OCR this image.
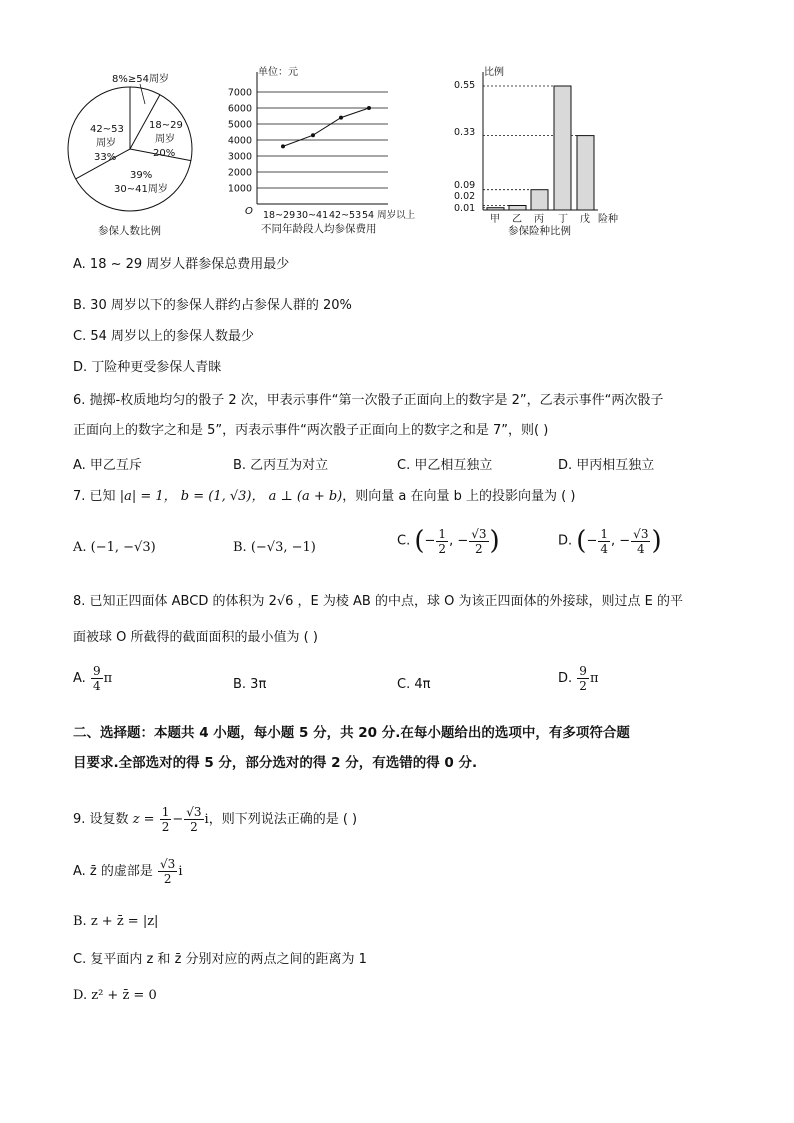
8%≥54周岁
18~29
周岁
20%
42~53
周岁
33%
39%
30~41周岁
参保人数比例
单位：元
7000
6000
5000
4000
3000
2000
1000
O 18~29 30~41 42~53 54 周岁以上
不同年龄段人均参保费用
比例
0.55
0.33
0.09
0.02
0.01
甲 乙 丙 丁 戊 险种
参保险种比例
A. 18 ~ 29 周岁人群参保总费用最少
B. 30 周岁以下的参保人群约占参保人群的 20%
C. 54 周岁以上的参保人数最少
D. 丁险种更受参保人青睐
6. 抛掷-枚质地均匀的骰子 2 次，甲表示事件“第一次骰子正面向上的数字是 2”，乙表示事件“两次骰子
正面向上的数字之和是 5”，丙表示事件“两次骰子正面向上的数字之和是 7”，则( )
A. 甲乙互斥	B. 乙丙互为对立	C. 甲乙相互独立	D. 甲丙相互独立
7. 已知 |a| = 1， b = (1, √3)， a ⊥ (a + b)，则向量 a 在向量 b 上的投影向量为 ( )
A. (−1, −√3)	B. (−√3, −1)	C. (− $\frac{1}{2}$ , − $\frac{√3}{2}$ )	D. (− $\frac{1}{4}$ , − $\frac{√3}{4}$ )
8. 已知正四面体 ABCD 的体积为 2√6 ，E 为棱 AB 的中点，球 O 为该正四面体的外接球，则过点 E 的平
面被球 O 所截得的截面面积的最小值为 ( )
A. $\frac{9}{4}$ π	B. 3π	C. 4π	D. $\frac{9}{2}$ π
二、选择题：本题共 4 小题，每小题 5 分，共 20 分.在每小题给出的选项中，有多项符合题
目要求.全部选对的得 5 分，部分选对的得 2 分，有选错的得 0 分.
9. 设复数 $z = \frac{1}{2} - \frac{√3}{2}$ i，则下列说法正确的是 ( )
A. z̄ 的虚部是 $\frac{√3}{2}$ i
B. z + z̄ = |z|
C. 复平面内 z 和 z̄ 分别对应的两点之间的距离为 1
D. z² + z̄ = 0
